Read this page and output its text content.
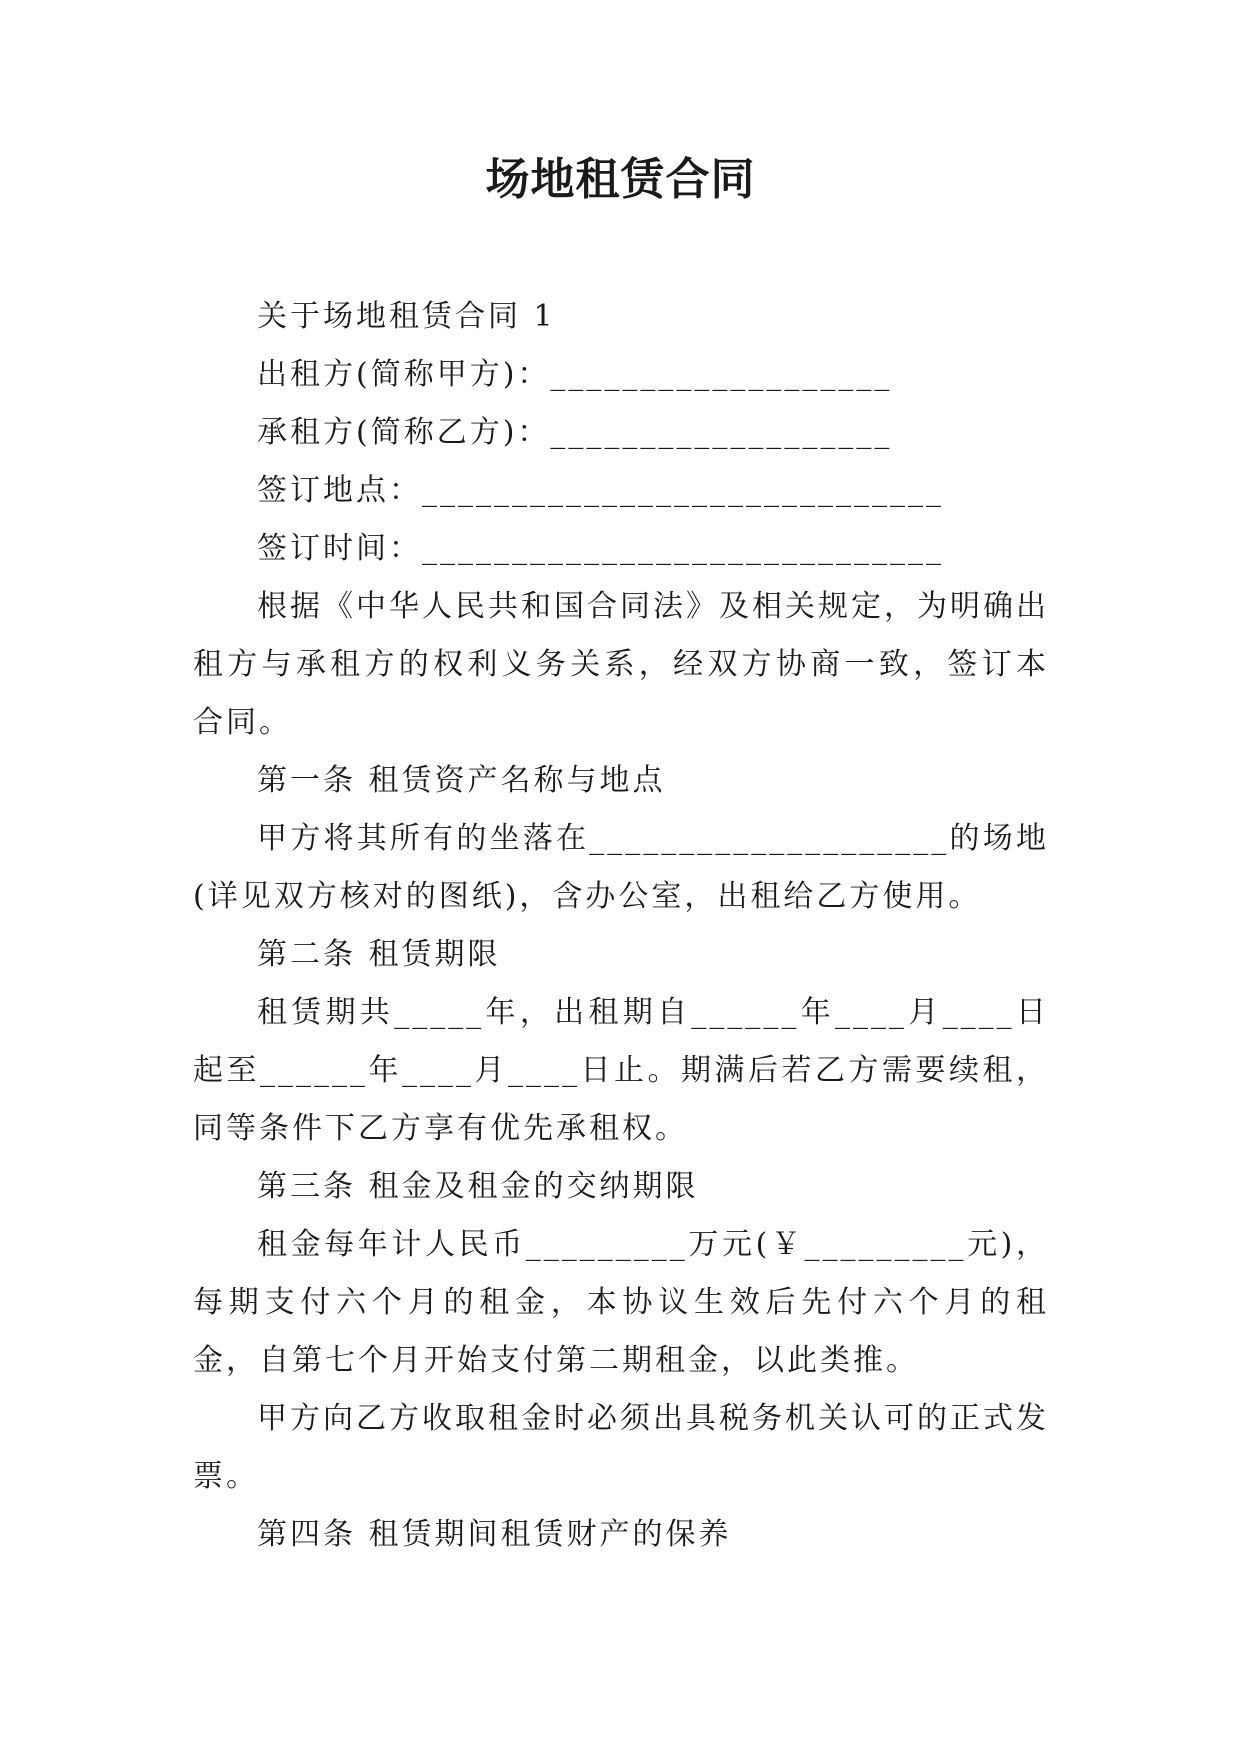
场地租赁合同

关于场地租赁合同 1

出租方(简称甲方)：___________________

承租方(简称乙方)：___________________

签订地点：_____________________________

签订时间：_____________________________

根据《中华人民共和国合同法》及相关规定，为明确出租方与承租方的权利义务关系，经双方协商一致，签订本合同。

第一条 租赁资产名称与地点

甲方将其所有的坐落在____________________的场地(详见双方核对的图纸)，含办公室，出租给乙方使用。

第二条 租赁期限

租赁期共_____年，出租期自______年____月____日起至______年____月____日止。期满后若乙方需要续租，同等条件下乙方享有优先承租权。

第三条 租金及租金的交纳期限

租金每年计人民币_________万元(￥_________元)，每期支付六个月的租金，本协议生效后先付六个月的租金，自第七个月开始支付第二期租金，以此类推。

甲方向乙方收取租金时必须出具税务机关认可的正式发票。

第四条 租赁期间租赁财产的保养
